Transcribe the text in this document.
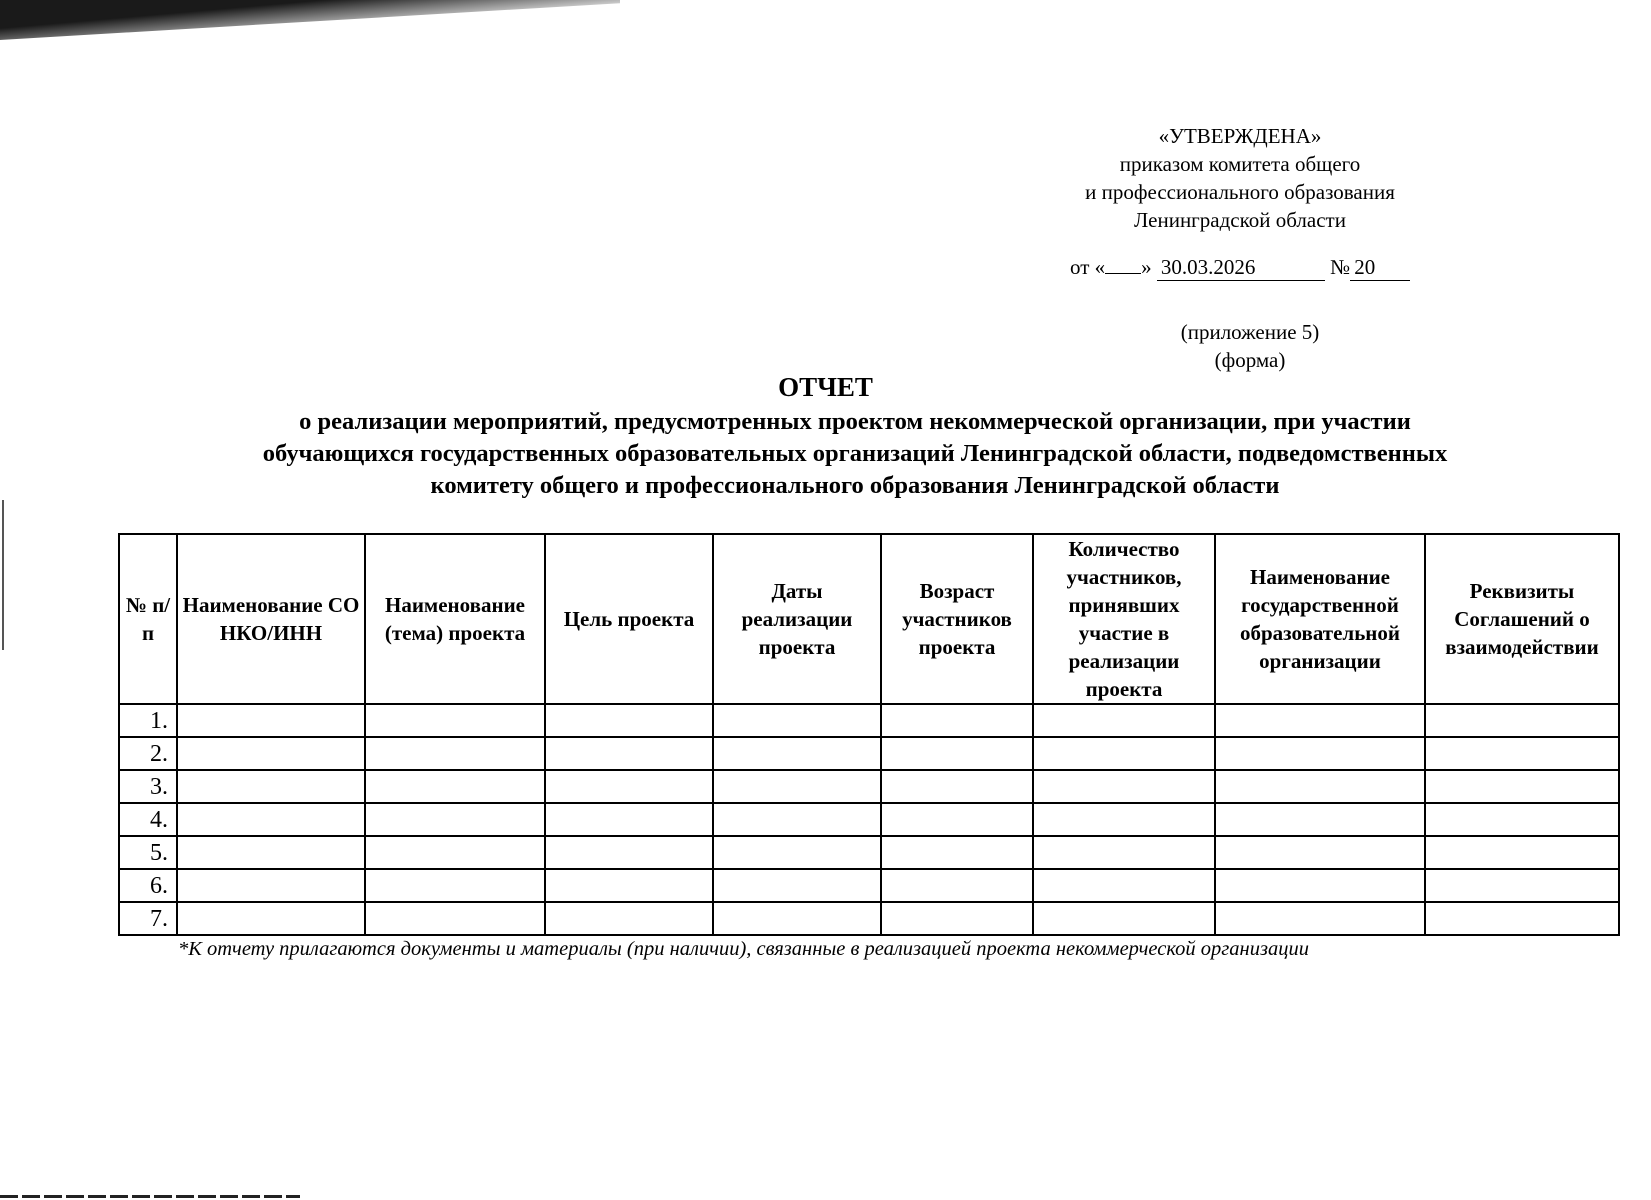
«УТВЕРЖДЕНА»
приказом комитета общего
и профессионального образования
Ленинградской области
от « » 30.03.2026	№ 20
(приложение 5)
(форма)
ОТЧЕТ
о реализации мероприятий, предусмотренных проектом некоммерческой организации, при участии
обучающихся государственных образовательных организаций Ленинградской области, подведомственных
комитету общего и профессионального образования Ленинградской области
№ п/п	Наименование СО НКО/ИНН	Наименование (тема) проекта	Цель проекта	Даты реализации проекта	Возраст участников проекта	Количество участников, принявших участие в реализации проекта	Наименование государственной образовательной организации	Реквизиты Соглашений о взаимодействии
1.								
2.								
3.								
4.								
5.								
6.								
7.								
*К отчету прилагаются документы и материалы (при наличии), связанные в реализацией проекта некоммерческой организации
